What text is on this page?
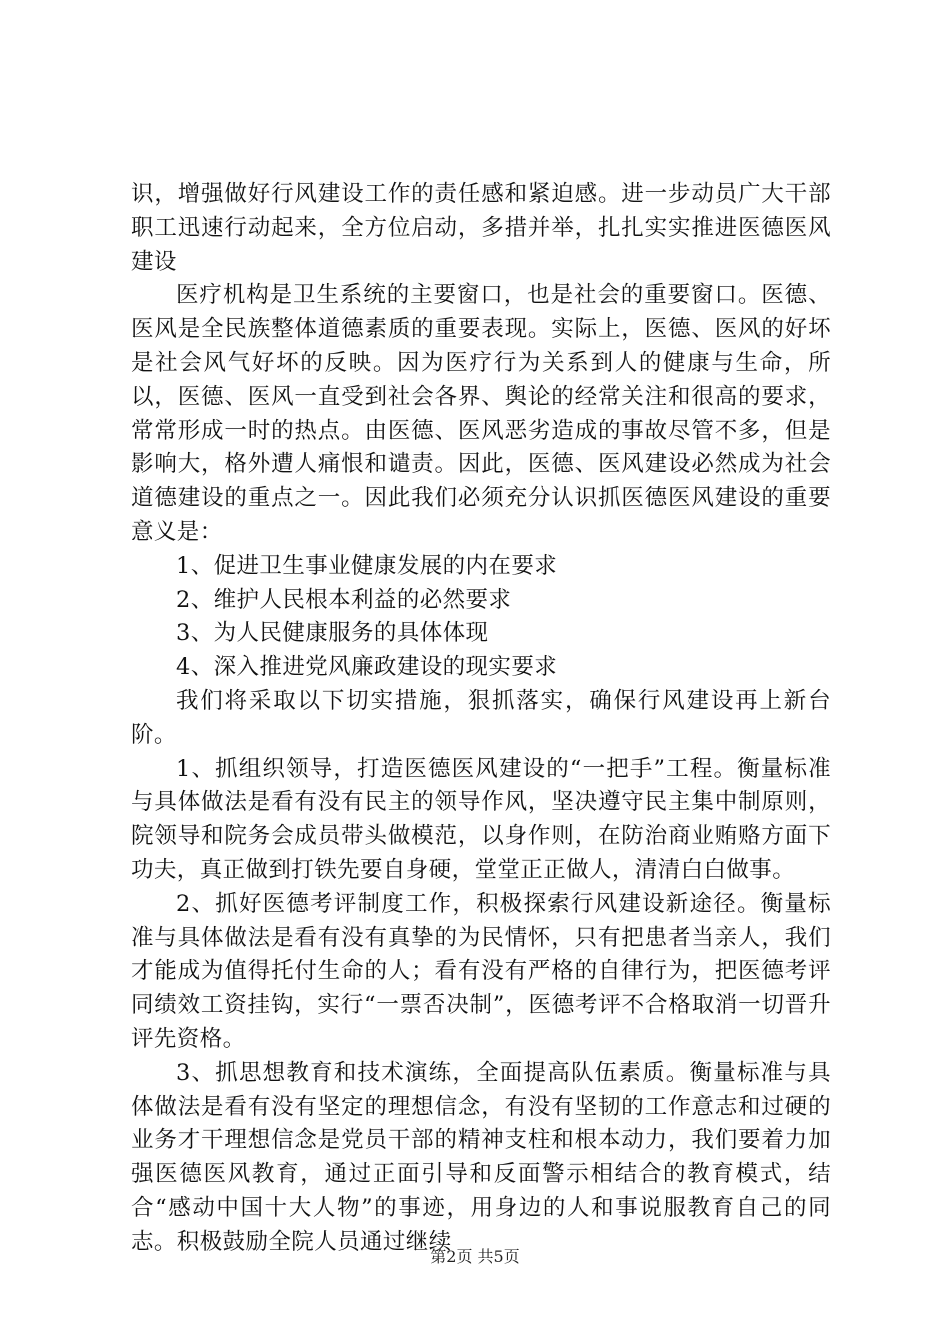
识，增强做好行风建设工作的责任感和紧迫感。进一步动员广大干部职工迅速行动起来，全方位启动，多措并举，扎扎实实推进医德医风建设

医疗机构是卫生系统的主要窗口，也是社会的重要窗口。医德、医风是全民族整体道德素质的重要表现。实际上，医德、医风的好坏是社会风气好坏的反映。因为医疗行为关系到人的健康与生命，所以，医德、医风一直受到社会各界、舆论的经常关注和很高的要求，常常形成一时的热点。由医德、医风恶劣造成的事故尽管不多，但是影响大，格外遭人痛恨和谴责。因此，医德、医风建设必然成为社会道德建设的重点之一。因此我们必须充分认识抓医德医风建设的重要意义是：

1、促进卫生事业健康发展的内在要求

2、维护人民根本利益的必然要求

3、为人民健康服务的具体体现

4、深入推进党风廉政建设的现实要求

我们将采取以下切实措施，狠抓落实，确保行风建设再上新台阶。

1、抓组织领导，打造医德医风建设的“一把手”工程。衡量标准与具体做法是看有没有民主的领导作风，坚决遵守民主集中制原则，院领导和院务会成员带头做模范，以身作则，在防治商业贿赂方面下功夫，真正做到打铁先要自身硬，堂堂正正做人，清清白白做事。

2、抓好医德考评制度工作，积极探索行风建设新途径。衡量标准与具体做法是看有没有真挚的为民情怀，只有把患者当亲人，我们才能成为值得托付生命的人；看有没有严格的自律行为，把医德考评同绩效工资挂钩，实行“一票否决制”，医德考评不合格取消一切晋升评先资格。

3、抓思想教育和技术演练，全面提高队伍素质。衡量标准与具体做法是看有没有坚定的理想信念，有没有坚韧的工作意志和过硬的业务才干理想信念是党员干部的精神支柱和根本动力，我们要着力加强医德医风教育，通过正面引导和反面警示相结合的教育模式，结合“感动中国十大人物”的事迹，用身边的人和事说服教育自己的同志。积极鼓励全院人员通过继续

第2页 共5页
